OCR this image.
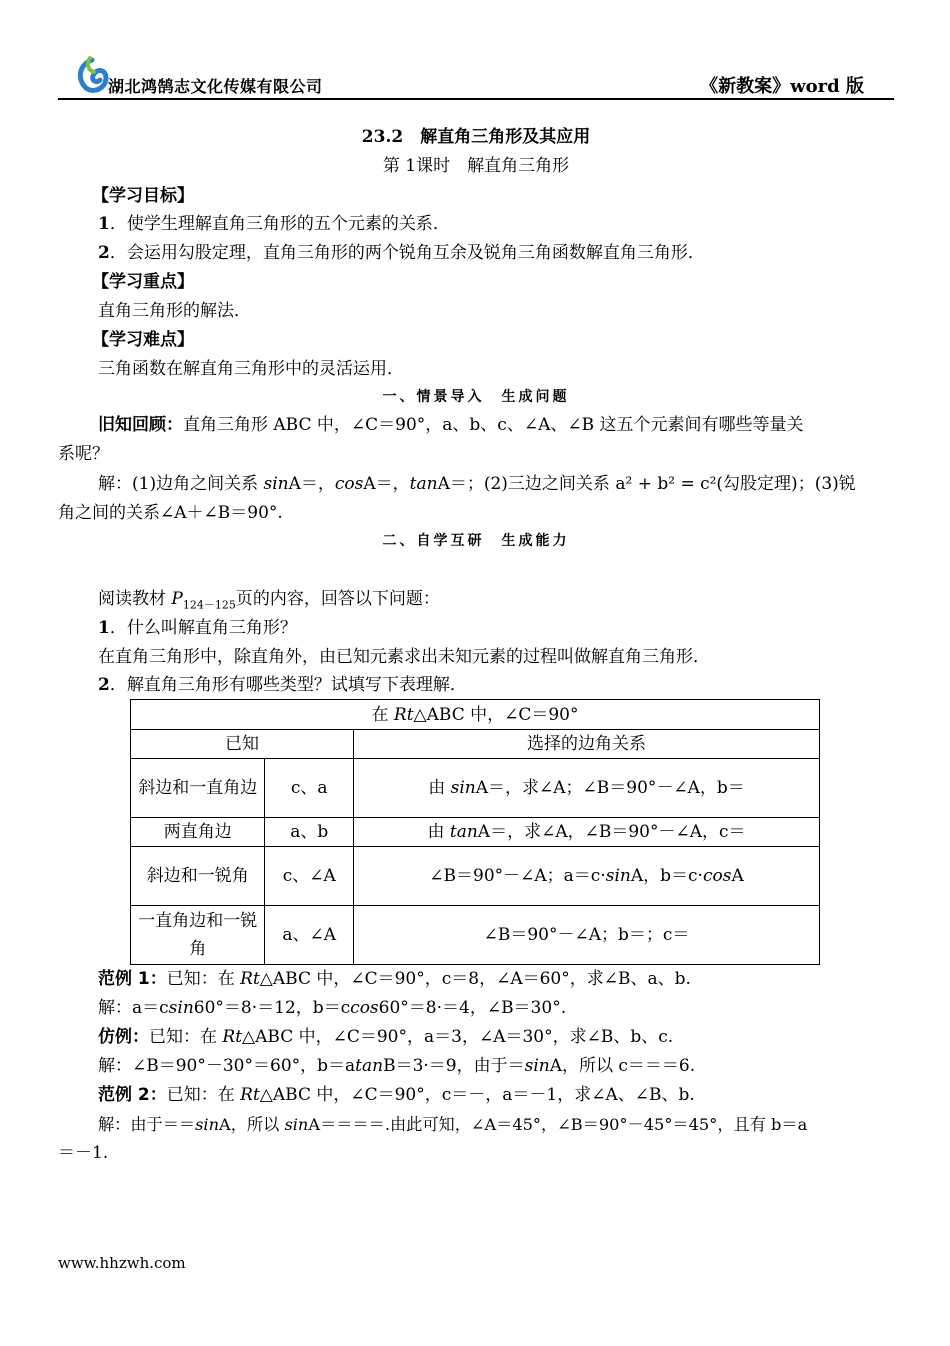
湖北鸿鹄志文化传媒有限公司	《新教案》word 版
23.2　解直角三角形及其应用
第 1课时　解直角三角形
【学习目标】
1．使学生理解直角三角形的五个元素的关系．
2．会运用勾股定理，直角三角形的两个锐角互余及锐角三角函数解直角三角形．
【学习重点】
直角三角形的解法．
【学习难点】
三角函数在解直角三角形中的灵活运用．
一、情景导入　生成问题
旧知回顾：直角三角形 ABC 中，∠C＝90°，a、b、c、∠A、∠B 这五个元素间有哪些等量关
系呢？
解：(1)边角之间关系 sinA＝，cosA＝，tanA＝；(2)三边之间关系 a² + b² = c²(勾股定理)；(3)锐
角之间的关系∠A＋∠B＝90°.
二、自学互研　生成能力
阅读教材 $P_{124-125}$页的内容，回答以下问题：
1．什么叫解直角三角形？
在直角三角形中，除直角外，由已知元素求出未知元素的过程叫做解直角三角形．
2．解直角三角形有哪些类型？试填写下表理解．
在 Rt△ABC 中，∠C＝90°		
已知		选择的边角关系
斜边和一直角边	c、a	由 sinA＝，求∠A；∠B＝90°－∠A，b＝
两直角边	a、b	由 tanA＝，求∠A，∠B＝90°－∠A，c＝
斜边和一锐角	c、∠A	∠B＝90°－∠A；a＝c·sinA，b＝c·cosA
一直角边和一锐角	a、∠A	∠B＝90°－∠A；b＝；c＝
范例 1：已知：在 Rt△ABC 中，∠C＝90°，c＝8，∠A＝60°，求∠B、a、b.
解：a＝csin60°＝8·＝12，b＝ccos60°＝8·＝4，∠B＝30°.
仿例：已知：在 Rt△ABC 中，∠C＝90°，a＝3，∠A＝30°，求∠B、b、c.
解：∠B＝90°－30°＝60°，b＝atanB＝3·＝9，由于＝sinA，所以 c＝＝＝6.
范例 2：已知：在 Rt△ABC 中，∠C＝90°，c＝－，a＝－1，求∠A、∠B、b.
解：由于＝＝sinA，所以 sinA＝＝＝＝.由此可知，∠A＝45°，∠B＝90°－45°＝45°，且有 b＝a
＝－1.
www.hhzwh.com
